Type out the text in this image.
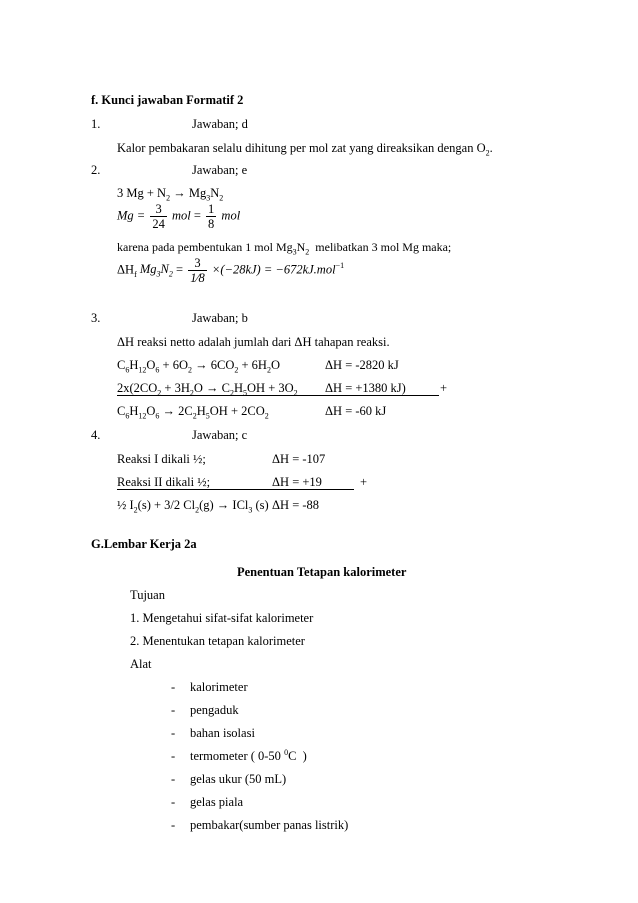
f. Kunci jawaban Formatif 2
1.	Jawaban; d
Kalor pembakaran selalu dihitung per mol zat yang direaksikan dengan $O_2$.
2.	Jawaban; e
3 $Mg + N_2 \to Mg_3N_2$
$Mg = \frac{3}{24}$ mol = $\frac{1}{8}$ mol
karena pada pembentukan 1 mol $Mg_3N_2$ melibatkan 3 mol Mg maka;
$\Delta H_f$ $Mg_3N_2 = \frac{3}{1⁄8} \times(-28kJ) = -672kJ.mol^{-1}$
3.	Jawaban; b
ΔH reaksi netto adalah jumlah dari ΔH tahapan reaksi.
$C_6H_{12}O_6 + 6O_2 \to 6CO_2 + 6H_2O$	ΔH = -2820 kJ
$2x(2CO_2 + 3H_2O \to C_2H_5OH + 3O_2$ ΔH = +1380 kJ)	+
$C_6H_{12}O_6 \to 2C_2H_5OH + 2CO_2$	ΔH = -60 kJ
4.	Jawaban; c
Reaksi I dikali ½;	ΔH = -107
Reaksi II dikali ½;	ΔH = +19	+
½ $I_2(s) + 3/2$ $Cl_2(g) \to ICl_3$ (s) ΔH = -88
G.Lembar Kerja 2a
Penentuan Tetapan kalorimeter
Tujuan
1. Mengetahui sifat-sifat kalorimeter
2. Menentukan tetapan kalorimeter
Alat
- kalorimeter
- pengaduk
- bahan isolasi
- termometer ( 0-50 $^0$C  )
- gelas ukur (50 mL)
- gelas piala
- pembakar(sumber panas listrik)
